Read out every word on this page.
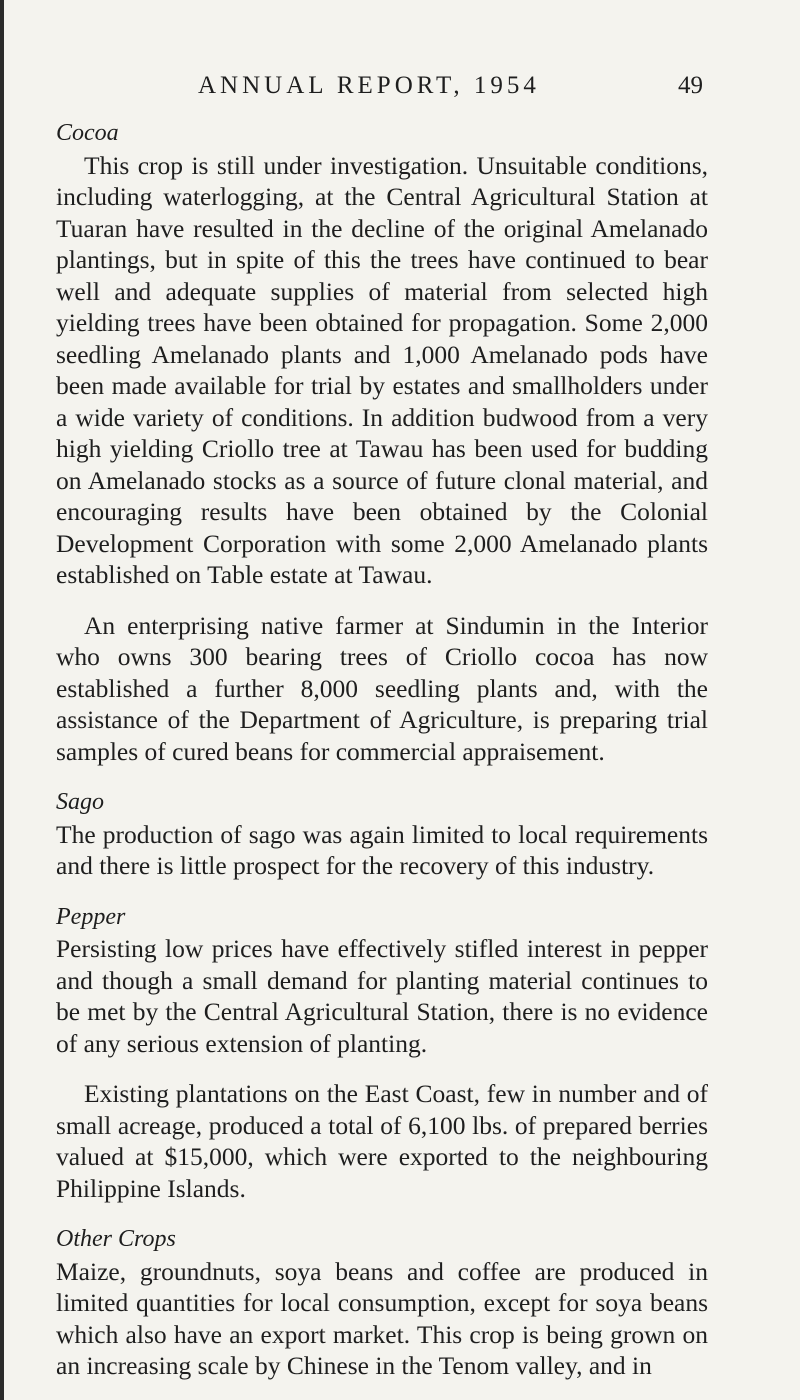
ANNUAL REPORT, 1954	49
Cocoa

This crop is still under investigation. Unsuitable conditions, including waterlogging, at the Central Agricultural Station at Tuaran have resulted in the decline of the original Amelanado plantings, but in spite of this the trees have continued to bear well and adequate supplies of material from selected high yielding trees have been obtained for propagation. Some 2,000 seedling Amelanado plants and 1,000 Amelanado pods have been made available for trial by estates and smallholders under a wide variety of conditions. In addition budwood from a very high yielding Criollo tree at Tawau has been used for budding on Amelanado stocks as a source of future clonal material, and encouraging results have been obtained by the Colonial Development Corporation with some 2,000 Amelanado plants established on Table estate at Tawau.

An enterprising native farmer at Sindumin in the Interior who owns 300 bearing trees of Criollo cocoa has now established a further 8,000 seedling plants and, with the assistance of the Department of Agriculture, is preparing trial samples of cured beans for commercial appraisement.

Sago

The production of sago was again limited to local requirements and there is little prospect for the recovery of this industry.

Pepper

Persisting low prices have effectively stifled interest in pepper and though a small demand for planting material continues to be met by the Central Agricultural Station, there is no evidence of any serious extension of planting.

Existing plantations on the East Coast, few in number and of small acreage, produced a total of 6,100 lbs. of prepared berries valued at $15,000, which were exported to the neighbouring Philippine Islands.

Other Crops

Maize, groundnuts, soya beans and coffee are produced in limited quantities for local consumption, except for soya beans which also have an export market. This crop is being grown on an increasing scale by Chinese in the Tenom valley, and in
